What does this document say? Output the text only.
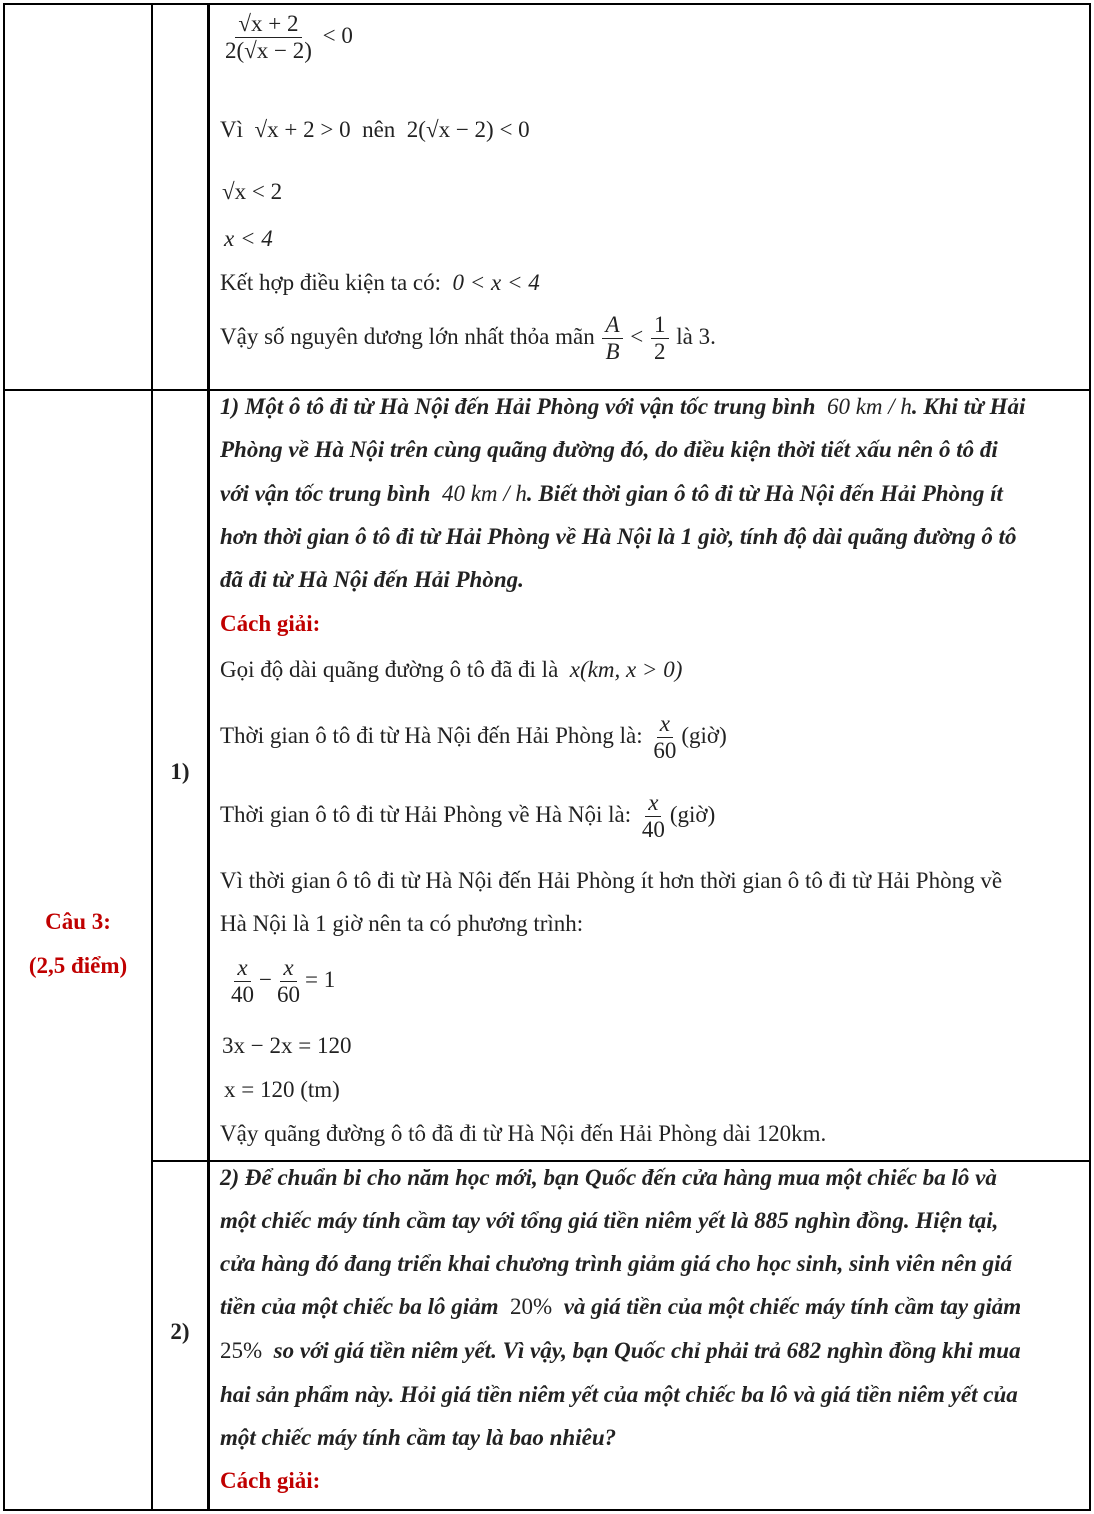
$\frac{√x + 2}{2(√x - 2)} < 0$
Vì √x + 2 > 0 nên 2(√x − 2) < 0
√x < 2
x < 4
Kết hợp điều kiện ta có: 0 < x < 4
Vậy số nguyên dương lớn nhất thỏa mãn $\frac{A}{B} < \frac{1}{2}$ là 3.
Câu 3:
(2,5 điểm)
1)
1) Một ô tô đi từ Hà Nội đến Hải Phòng với vận tốc trung bình 60 km / h. Khi từ Hải
Phòng về Hà Nội trên cùng quãng đường đó, do điều kiện thời tiết xấu nên ô tô đi
với vận tốc trung bình 40 km / h. Biết thời gian ô tô đi từ Hà Nội đến Hải Phòng ít
hơn thời gian ô tô đi từ Hải Phòng về Hà Nội là 1 giờ, tính độ dài quãng đường ô tô
đã đi từ Hà Nội đến Hải Phòng.
Cách giải:
Gọi độ dài quãng đường ô tô đã đi là x(km, x > 0)
Thời gian ô tô đi từ Hà Nội đến Hải Phòng là: $\frac{x}{60}$ (giờ)
Thời gian ô tô đi từ Hải Phòng về Hà Nội là: $\frac{x}{40}$ (giờ)
Vì thời gian ô tô đi từ Hà Nội đến Hải Phòng ít hơn thời gian ô tô đi từ Hải Phòng về
Hà Nội là 1 giờ nên ta có phương trình:
$\frac{x}{40} - \frac{x}{60} = 1$
3x − 2x = 120
x = 120 (tm)
Vậy quãng đường ô tô đã đi từ Hà Nội đến Hải Phòng dài 120km.
2)
2) Để chuẩn bi cho năm học mới, bạn Quốc đến cửa hàng mua một chiếc ba lô và
một chiếc máy tính cầm tay với tổng giá tiền niêm yết là 885 nghìn đồng. Hiện tại,
cửa hàng đó đang triển khai chương trình giảm giá cho học sinh, sinh viên nên giá
tiền của một chiếc ba lô giảm 20% và giá tiền của một chiếc máy tính cầm tay giảm
25% so với giá tiền niêm yết. Vì vậy, bạn Quốc chỉ phải trả 682 nghìn đồng khi mua
hai sản phẩm này. Hỏi giá tiền niêm yết của một chiếc ba lô và giá tiền niêm yết của
một chiếc máy tính cầm tay là bao nhiêu?
Cách giải:
